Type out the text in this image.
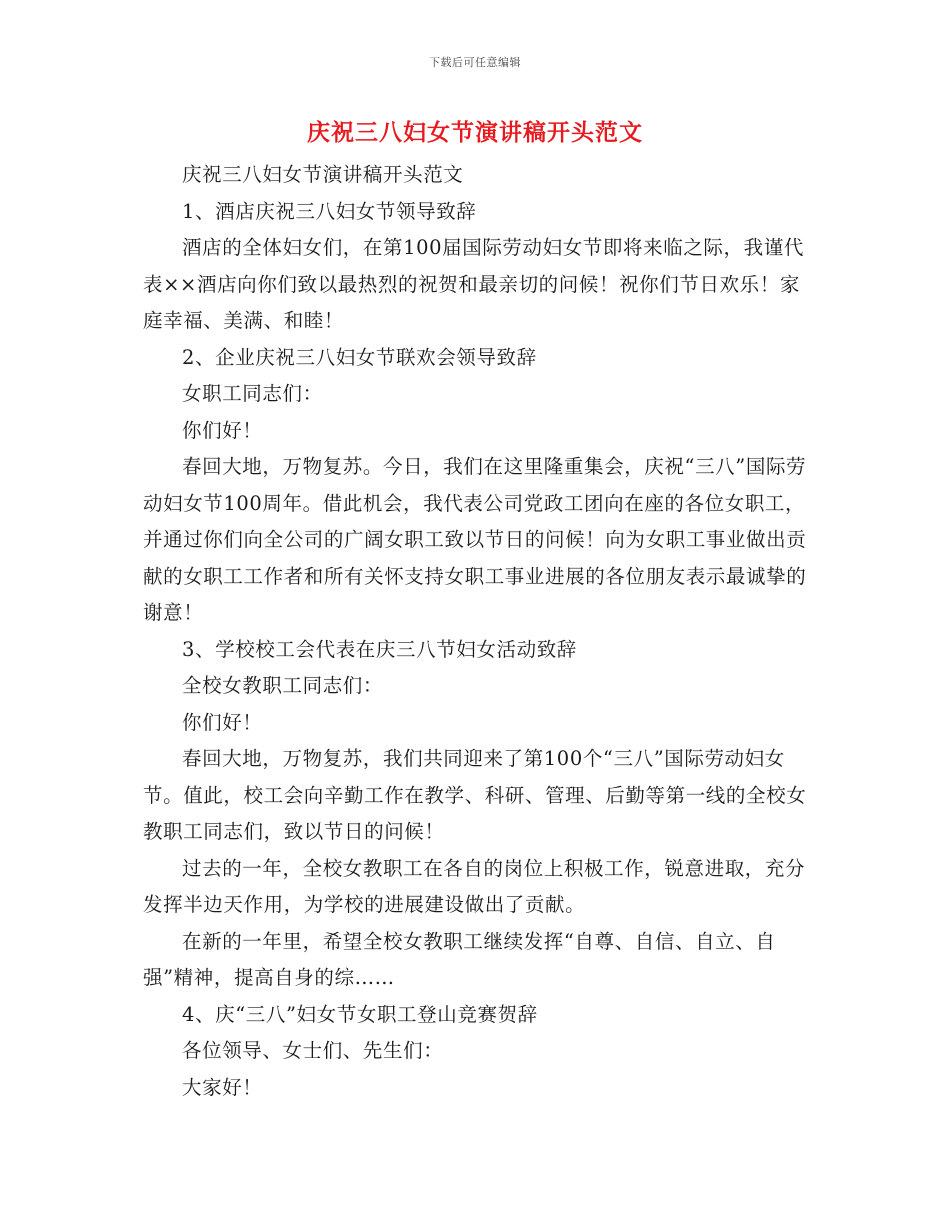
下载后可任意编辑
庆祝三八妇女节演讲稿开头范文

庆祝三八妇女节演讲稿开头范文

1、酒店庆祝三八妇女节领导致辞

酒店的全体妇女们，在第100届国际劳动妇女节即将来临之际，我谨代表××酒店向你们致以最热烈的祝贺和最亲切的问候！祝你们节日欢乐！家庭幸福、美满、和睦！

2、企业庆祝三八妇女节联欢会领导致辞

女职工同志们：

你们好！

春回大地，万物复苏。今日，我们在这里隆重集会，庆祝“三八”国际劳动妇女节100周年。借此机会，我代表公司党政工团向在座的各位女职工，并通过你们向全公司的广阔女职工致以节日的问候！向为女职工事业做出贡献的女职工工作者和所有关怀支持女职工事业进展的各位朋友表示最诚挚的谢意！

3、学校校工会代表在庆三八节妇女活动致辞

全校女教职工同志们：

你们好！

春回大地，万物复苏，我们共同迎来了第100个“三八”国际劳动妇女节。值此，校工会向辛勤工作在教学、科研、管理、后勤等第一线的全校女教职工同志们，致以节日的问候！

过去的一年，全校女教职工在各自的岗位上积极工作，锐意进取，充分发挥半边天作用，为学校的进展建设做出了贡献。

在新的一年里，希望全校女教职工继续发挥“自尊、自信、自立、自强”精神，提高自身的综……

4、庆“三八”妇女节女职工登山竞赛贺辞

各位领导、女士们、先生们：

大家好！
